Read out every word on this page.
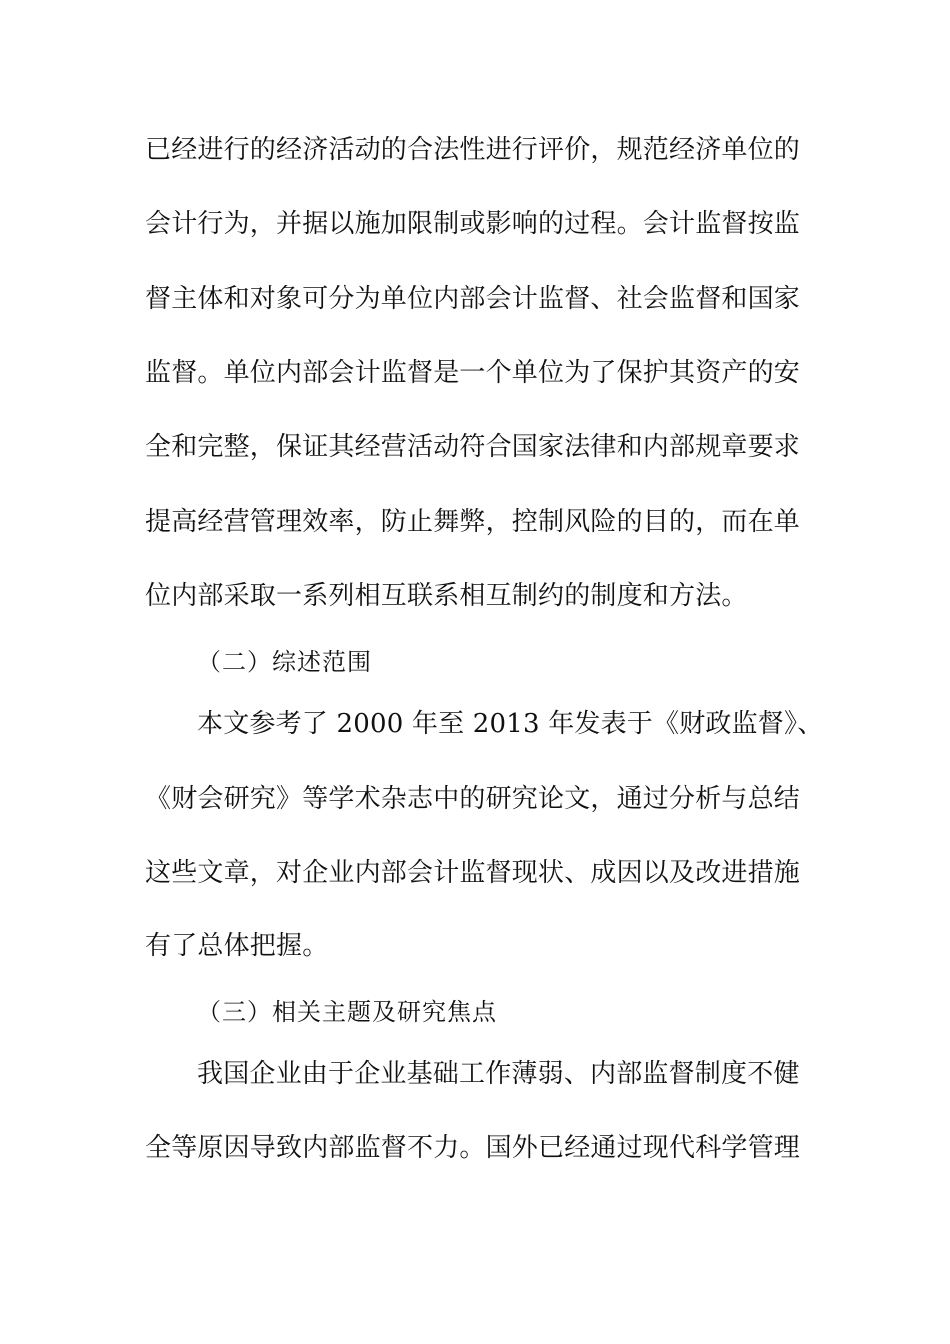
已经进行的经济活动的合法性进行评价，规范经济单位的
会计行为，并据以施加限制或影响的过程。会计监督按监
督主体和对象可分为单位内部会计监督、社会监督和国家
监督。单位内部会计监督是一个单位为了保护其资产的安
全和完整，保证其经营活动符合国家法律和内部规章要求
提高经营管理效率，防止舞弊，控制风险的目的，而在单
位内部采取一系列相互联系相互制约的制度和方法。
（二）综述范围
本文参考了 2000 年至 2013 年发表于《财政监督》、
《财会研究》等学术杂志中的研究论文，通过分析与总结
这些文章，对企业内部会计监督现状、成因以及改进措施
有了总体把握。
（三）相关主题及研究焦点
我国企业由于企业基础工作薄弱、内部监督制度不健
全等原因导致内部监督不力。国外已经通过现代科学管理
